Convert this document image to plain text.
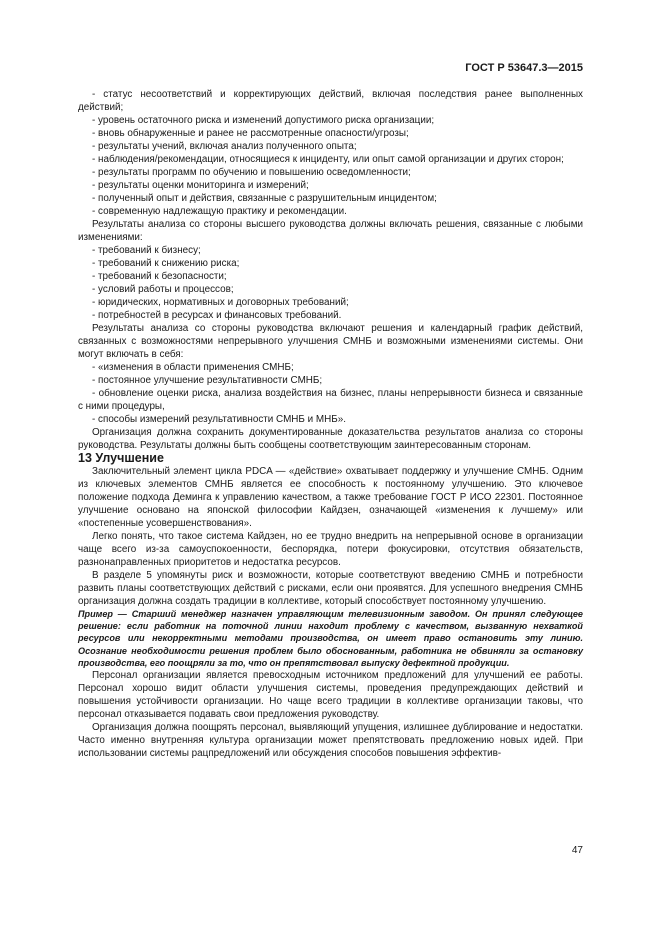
ГОСТ Р 53647.3—2015

- статус несоответствий и корректирующих действий, включая последствия ранее выполненных действий;

- уровень остаточного риска и изменений допустимого риска организации;

- вновь обнаруженные и ранее не рассмотренные опасности/угрозы;

- результаты учений, включая анализ полученного опыта;

- наблюдения/рекомендации, относящиеся к инциденту, или опыт самой организации и других сторон;

- результаты программ по обучению и повышению осведомленности;

- результаты оценки мониторинга и измерений;

- полученный опыт и действия, связанные с разрушительным инцидентом;

- современную надлежащую практику и рекомендации.

Результаты анализа со стороны высшего руководства должны включать решения, связанные с любыми изменениями:

- требований к бизнесу;

- требований к снижению риска;

- требований к безопасности;

- условий работы и процессов;

- юридических, нормативных и договорных требований;

- потребностей в ресурсах и финансовых требований.

Результаты анализа со стороны руководства включают решения и календарный график действий, связанных с возможностями непрерывного улучшения СМНБ и возможными изменениями системы. Они могут включать в себя:

- «изменения в области применения СМНБ;

- постоянное улучшение результативности СМНБ;

- обновление оценки риска, анализа воздействия на бизнес, планы непрерывности бизнеса и связанные с ними процедуры,

- способы измерений результативности СМНБ и МНБ».

Организация должна сохранить документированные доказательства результатов анализа со стороны руководства. Результаты должны быть сообщены соответствующим заинтересованным сторонам.

13 Улучшение

Заключительный элемент цикла PDCA — «действие» охватывает поддержку и улучшение СМНБ. Одним из ключевых элементов СМНБ является ее способность к постоянному улучшению. Это ключевое положение подхода Деминга к управлению качеством, а также требование ГОСТ Р ИСО 22301. Постоянное улучшение основано на японской философии Кайдзен, означающей «изменения к лучшему» или «постепенные усовершенствования».

Легко понять, что такое система Кайдзен, но ее трудно внедрить на непрерывной основе в организации чаще всего из-за самоуспокоенности, беспорядка, потери фокусировки, отсутствия обязательств, разнонаправленных приоритетов и недостатка ресурсов.

В разделе 5 упомянуты риск и возможности, которые соответствуют введению СМНБ и потребности развить планы соответствующих действий с рисками, если они проявятся. Для успешного внедрения СМНБ организация должна создать традиции в коллективе, который способствует постоянному улучшению.

Пример — Старший менеджер назначен управляющим телевизионным заводом. Он принял следующее решение: если работник на поточной линии находит проблему с качеством, вызванную нехваткой ресурсов или некорректными методами производства, он имеет право остановить эту линию. Осознание необходимости решения проблем было обоснованным, работника не обвиняли за остановку производства, его поощряли за то, что он препятствовал выпуску дефектной продукции.

Персонал организации является превосходным источником предложений для улучшений ее работы. Персонал хорошо видит области улучшения системы, проведения предупреждающих действий и повышения устойчивости организации. Но чаще всего традиции в коллективе организации таковы, что персонал отказывается подавать свои предложения руководству.

Организация должна поощрять персонал, выявляющий упущения, излишнее дублирование и недостатки. Часто именно внутренняя культура организации может препятствовать предложению новых идей. При использовании системы рацпредложений или обсуждения способов повышения эффектив-

47
